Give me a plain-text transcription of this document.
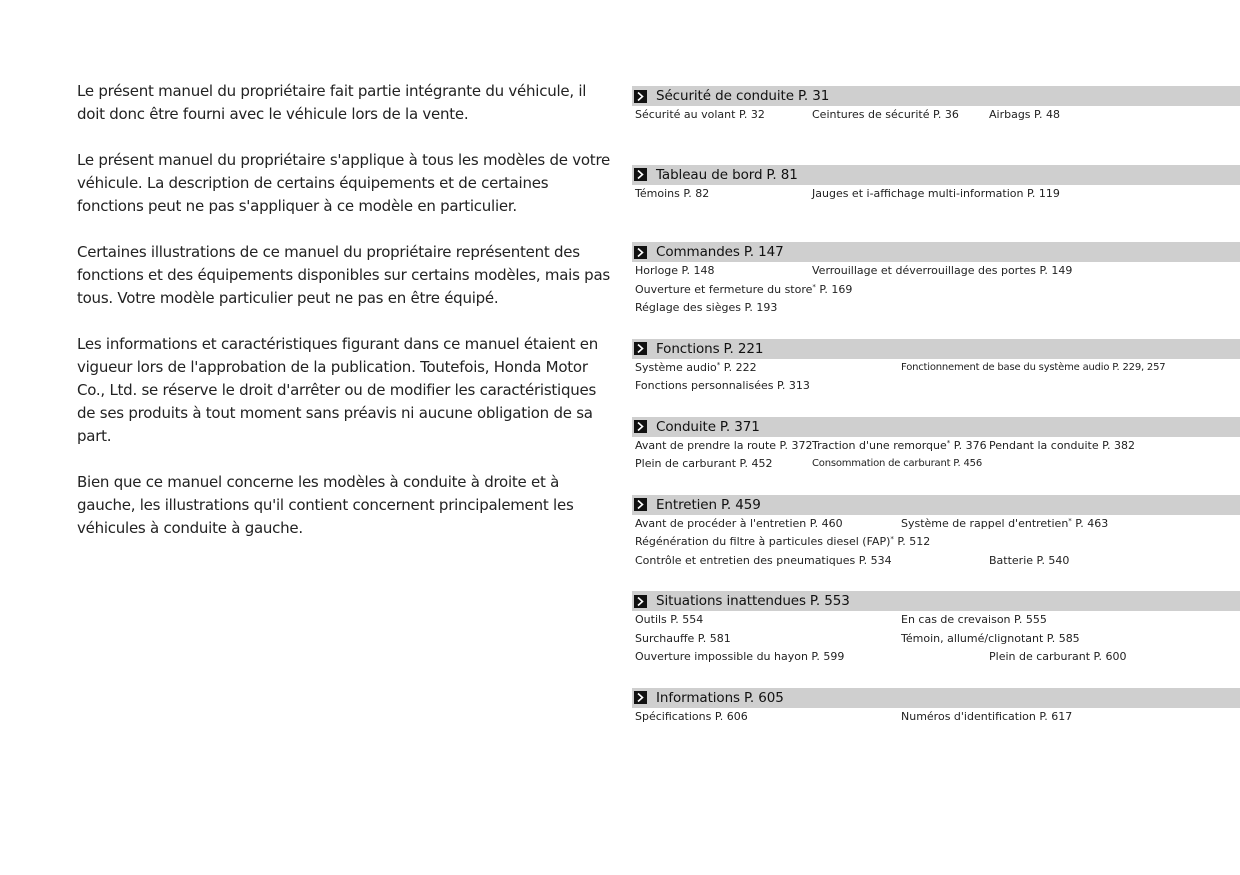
Le présent manuel du propriétaire fait partie intégrante du véhicule, il doit donc être fourni avec le véhicule lors de la vente.

Le présent manuel du propriétaire s'applique à tous les modèles de votre véhicule. La description de certains équipements et de certaines fonctions peut ne pas s'appliquer à ce modèle en particulier.

Certaines illustrations de ce manuel du propriétaire représentent des fonctions et des équipements disponibles sur certains modèles, mais pas tous. Votre modèle particulier peut ne pas en être équipé.

Les informations et caractéristiques figurant dans ce manuel étaient en vigueur lors de l'approbation de la publication. Toutefois, Honda Motor Co., Ltd. se réserve le droit d'arrêter ou de modifier les caractéristiques de ses produits à tout moment sans préavis ni aucune obligation de sa part.

Bien que ce manuel concerne les modèles à conduite à droite et à gauche, les illustrations qu'il contient concernent principalement les véhicules à conduite à gauche.

Sécurité de conduite P. 31
Sécurité au volant P. 32	Ceintures de sécurité P. 36	Airbags P. 48
Tableau de bord P. 81
Témoins P. 82	Jauges et i-affichage multi-information P. 119
Commandes P. 147
Horloge P. 148	Verrouillage et déverrouillage des portes P. 149
Ouverture et fermeture du store* P. 169
Réglage des sièges P. 193
Fonctions P. 221
Système audio* P. 222	Fonctionnement de base du système audio P. 229, 257
Fonctions personnalisées P. 313
Conduite P. 371
Avant de prendre la route P. 372 Traction d'une remorque* P. 376 Pendant la conduite P. 382
Plein de carburant P. 452	Consommation de carburant P. 456
Entretien P. 459
Avant de procéder à l'entretien P. 460	Système de rappel d'entretien* P. 463
Régénération du filtre à particules diesel (FAP)* P. 512
Contrôle et entretien des pneumatiques P. 534	Batterie P. 540
Situations inattendues P. 553
Outils P. 554	En cas de crevaison P. 555
Surchauffe P. 581	Témoin, allumé/clignotant P. 585
Ouverture impossible du hayon P. 599	Plein de carburant P. 600
Informations P. 605
Spécifications P. 606	Numéros d'identification P. 617
